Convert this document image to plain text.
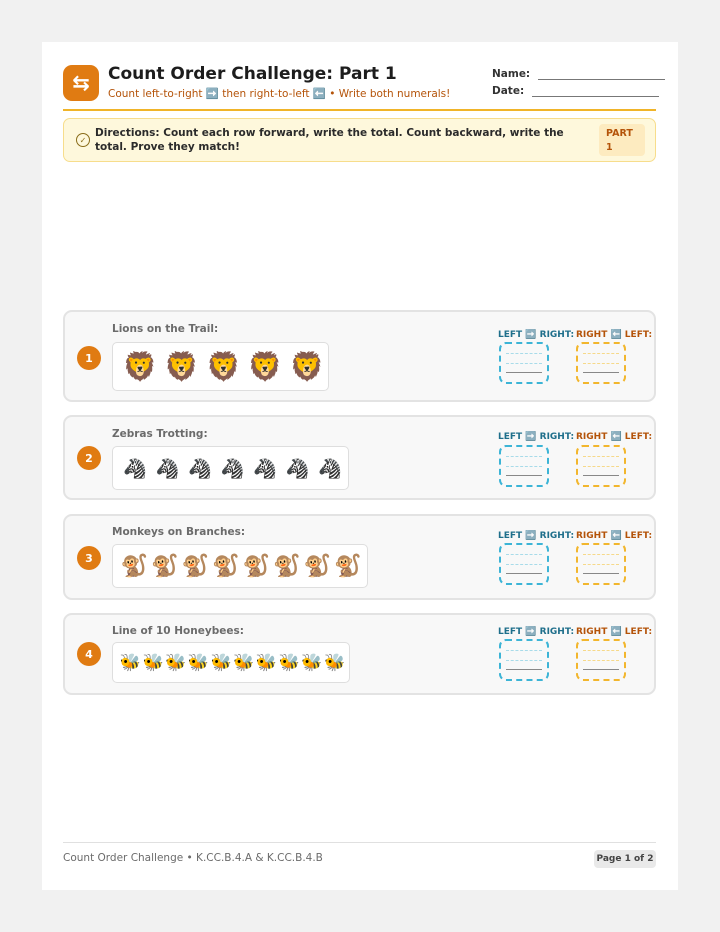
⇆	Count Order Challenge: Part 1
Count left-to-right ➡️ then right-to-left ⬅️ • Write both numerals!
Name:
Date:
✓
Directions: Count each row forward, write the total. Count backward, write the total. Prove they match!
PART
1
1
Lions on the Trail:
🦁 🦁 🦁 🦁 🦁
LEFT ➡️ RIGHT: RIGHT ⬅️ LEFT:
2
Zebras Trotting:
🦓 🦓 🦓 🦓 🦓 🦓 🦓
LEFT ➡️ RIGHT: RIGHT ⬅️ LEFT:
3
Monkeys on Branches:
🐒 🐒 🐒 🐒 🐒 🐒 🐒 🐒
LEFT ➡️ RIGHT: RIGHT ⬅️ LEFT:
4
Line of 10 Honeybees:
🐝 🐝 🐝 🐝 🐝 🐝 🐝 🐝 🐝 🐝
LEFT ➡️ RIGHT: RIGHT ⬅️ LEFT:
Count Order Challenge • K.CC.B.4.A & K.CC.B.4.B	Page 1 of 2
